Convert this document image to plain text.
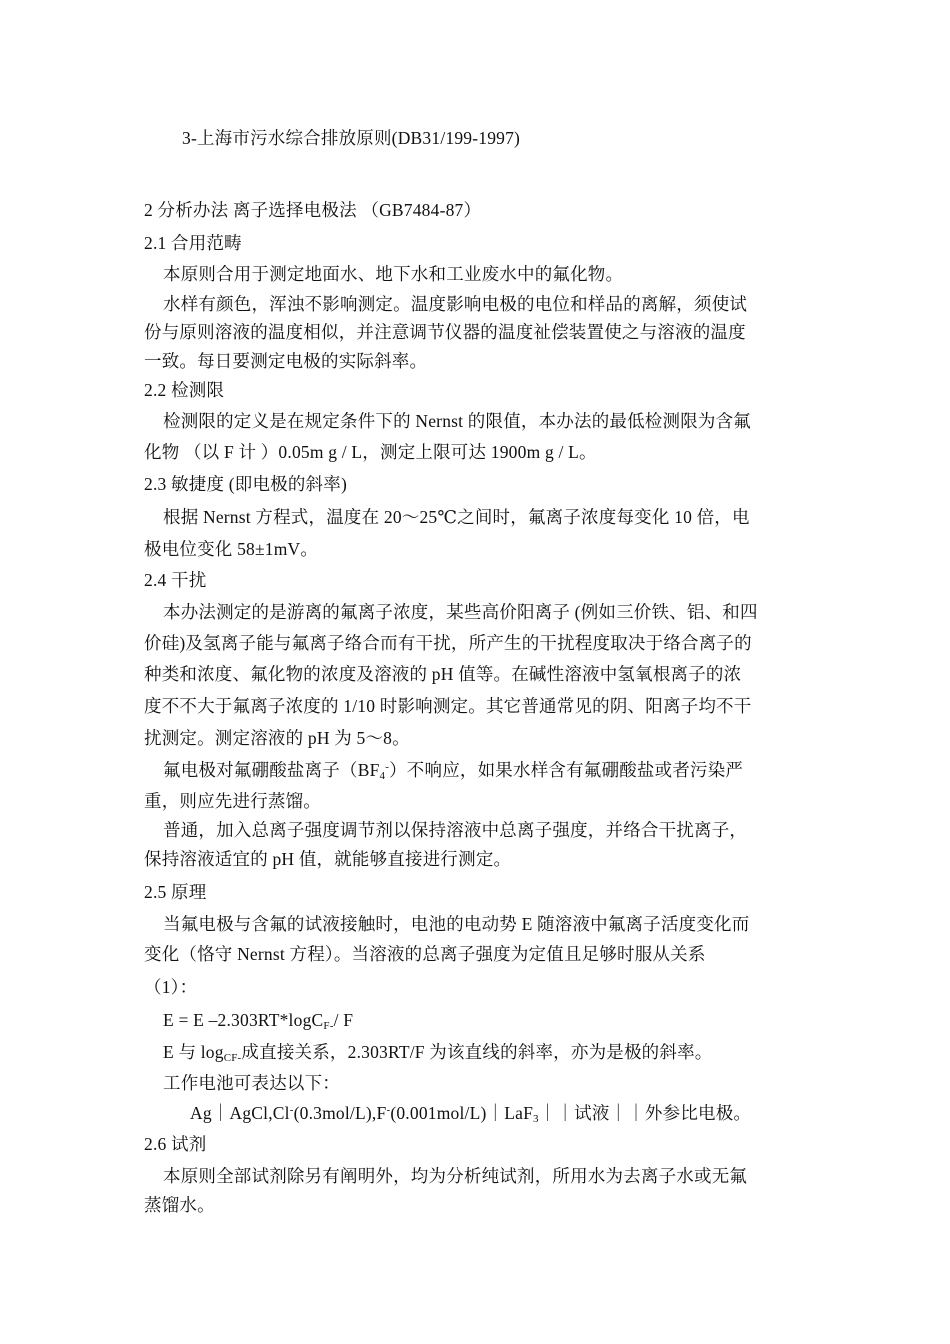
3-上海市污水综合排放原则(DB31/199-1997)
2 分析办法 离子选择电极法 （GB7484-87）
2.1 合用范畴
本原则合用于测定地面水、地下水和工业废水中的氟化物。
水样有颜色，浑浊不影响测定。温度影响电极的电位和样品的离解，须使试
份与原则溶液的温度相似，并注意调节仪器的温度祉偿装置使之与溶液的温度
一致。每日要测定电极的实际斜率。
2.2 检测限
检测限的定义是在规定条件下的 Nernst 的限值，本办法的最低检测限为含氟
化物 （以 F 计 ）0.05m g / L，测定上限可达 1900m g / L。
2.3 敏捷度 (即电极的斜率)
根据 Nernst 方程式，温度在 20～25℃之间时，氟离子浓度每变化 10 倍，电
极电位变化 58±1mV。
2.4 干扰
本办法测定的是游离的氟离子浓度，某些高价阳离子 (例如三价铁、铝、和四
价硅)及氢离子能与氟离子络合而有干扰，所产生的干扰程度取决于络合离子的
种类和浓度、氟化物的浓度及溶液的 pH 值等。在碱性溶液中氢氧根离子的浓
度不不大于氟离子浓度的 1/10 时影响测定。其它普通常见的阴、阳离子均不干
扰测定。测定溶液的 pH 为 5～8。
氟电极对氟硼酸盐离子$(BF_4^-)$不响应，如果水样含有氟硼酸盐或者污染严
重，则应先进行蒸馏。
普通，加入总离子强度调节剂以保持溶液中总离子强度，并络合干扰离子，
保持溶液适宜的 pH 值，就能够直接进行测定。
2.5 原理
当氟电极与含氟的试液接触时，电池的电动势 E 随溶液中氟离子活度变化而
变化（恪守 Nernst 方程）。当溶液的总离子强度为定值且足够时服从关系
（1）：
E = E –2.303RT*logC$_{F-}$/ F
E 与 $\log_{CF-}$成直接关系，2.303RT/F 为该直线的斜率，亦为是极的斜率。
工作电池可表达以下：
Ag｜AgCl,Cl-(0.3mol/L),F-(0.001mol/L)｜LaF$_3$｜｜试液｜｜外参比电极。
2.6 试剂
本原则全部试剂除另有阐明外，均为分析纯试剂，所用水为去离子水或无氟
蒸馏水。
